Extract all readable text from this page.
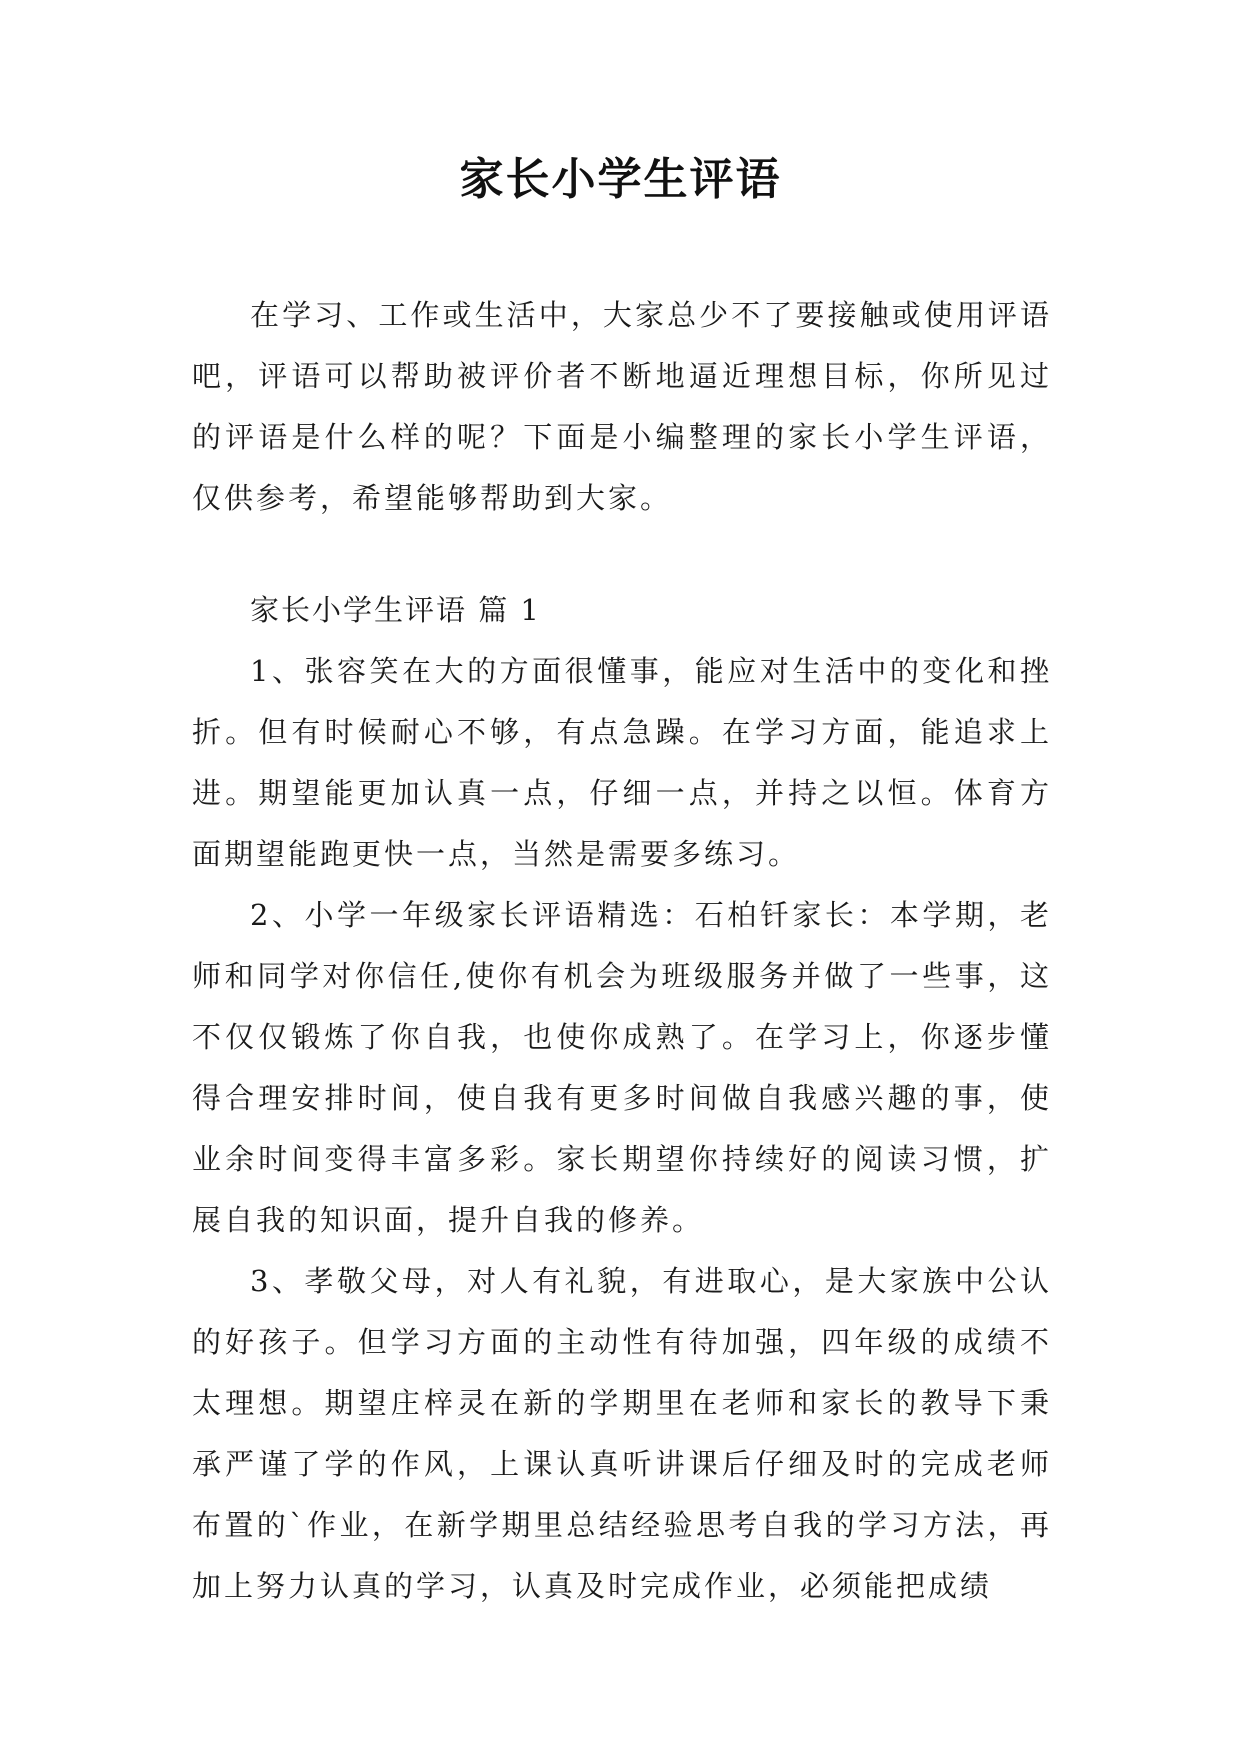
家长小学生评语

在学习、工作或生活中，大家总少不了要接触或使用评语吧，评语可以帮助被评价者不断地逼近理想目标，你所见过的评语是什么样的呢？下面是小编整理的家长小学生评语，仅供参考，希望能够帮助到大家。

家长小学生评语 篇 1

1、张容笑在大的方面很懂事，能应对生活中的变化和挫折。但有时候耐心不够，有点急躁。在学习方面，能追求上进。期望能更加认真一点，仔细一点，并持之以恒。体育方面期望能跑更快一点，当然是需要多练习。

2、小学一年级家长评语精选：石柏钎家长：本学期，老师和同学对你信任,使你有机会为班级服务并做了一些事，这不仅仅锻炼了你自我，也使你成熟了。在学习上，你逐步懂得合理安排时间，使自我有更多时间做自我感兴趣的事，使业余时间变得丰富多彩。家长期望你持续好的阅读习惯，扩展自我的知识面，提升自我的修养。

3、孝敬父母，对人有礼貌，有进取心，是大家族中公认的好孩子。但学习方面的主动性有待加强，四年级的成绩不太理想。期望庄梓灵在新的学期里在老师和家长的教导下秉承严谨了学的作风，上课认真听讲课后仔细及时的完成老师布置的`作业，在新学期里总结经验思考自我的学习方法，再加上努力认真的学习，认真及时完成作业，必须能把成绩
